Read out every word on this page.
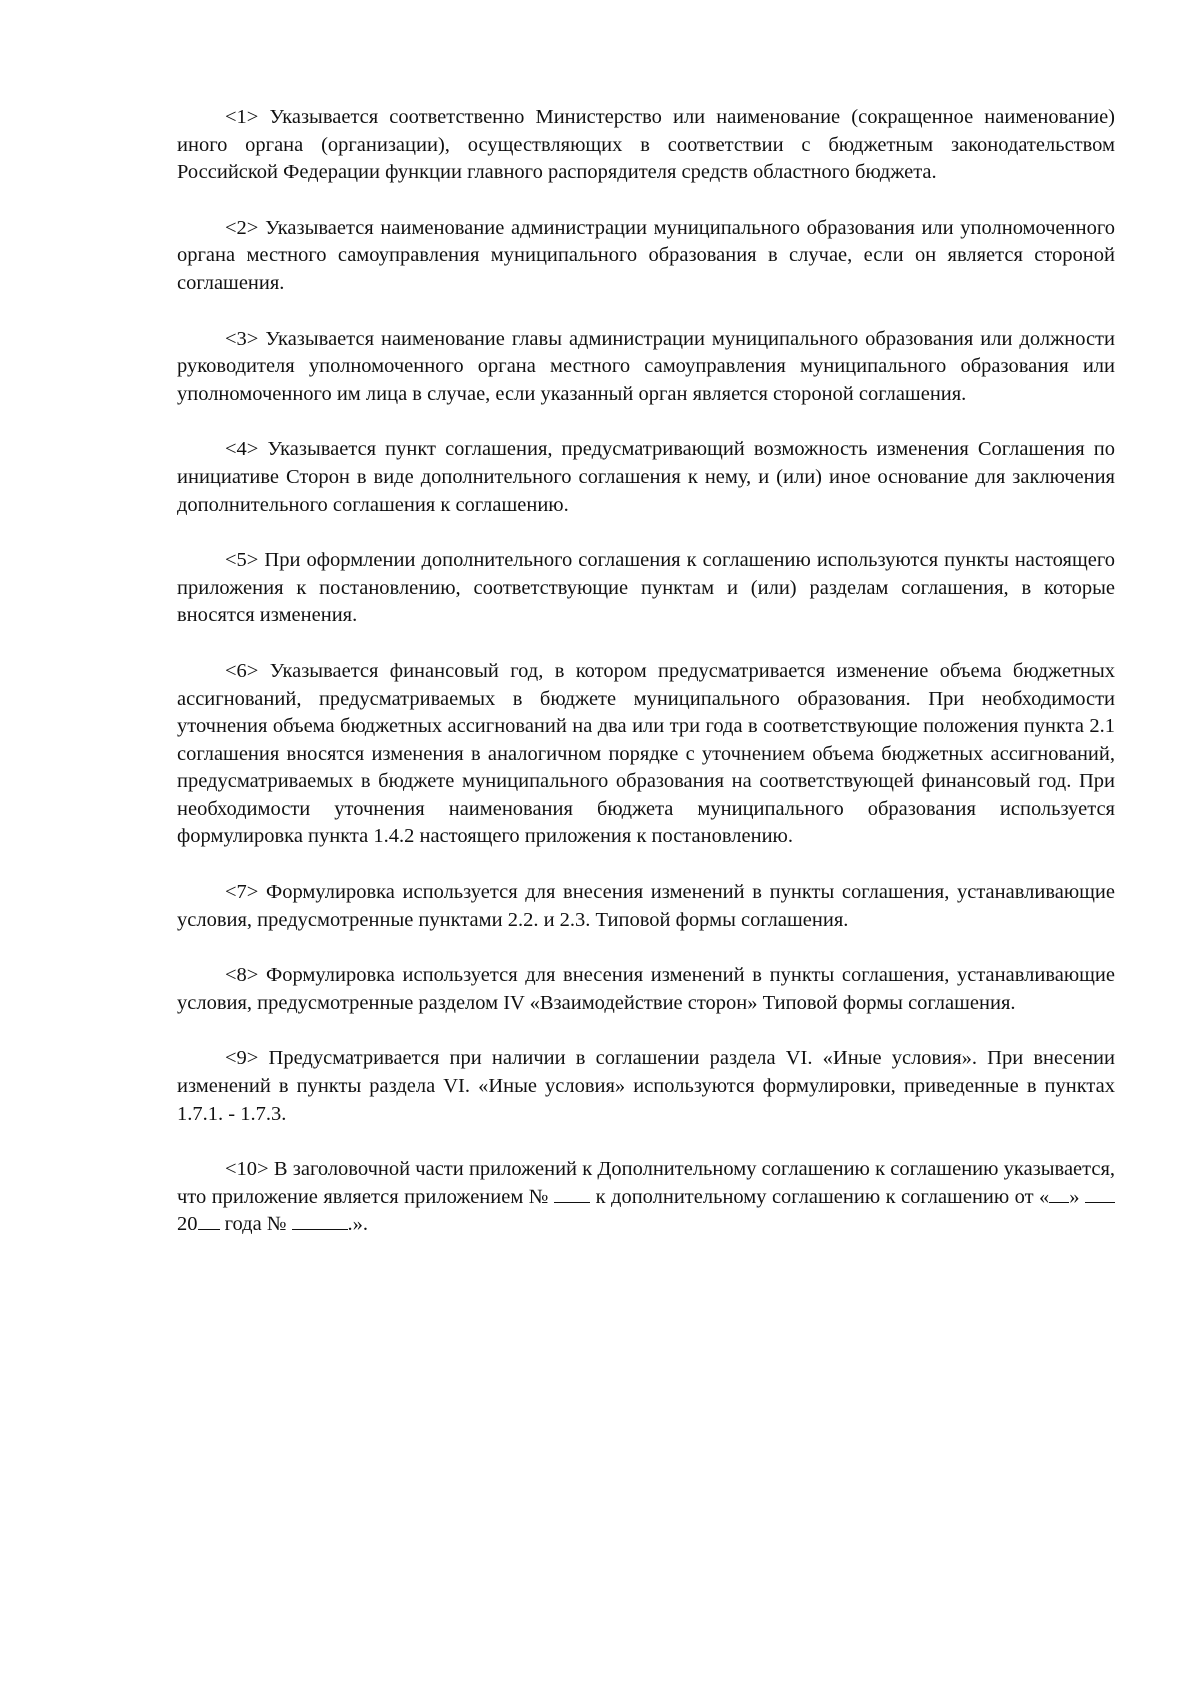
<1> Указывается соответственно Министерство или наименование (сокращенное наименование) иного органа (организации), осуществляющих в соответствии с бюджетным законодательством Российской Федерации функции главного распорядителя средств областного бюджета.

<2> Указывается наименование администрации муниципального образования или уполномоченного органа местного самоуправления муниципального образования в случае, если он является стороной соглашения.

<3> Указывается наименование главы администрации муниципального образования или должности руководителя уполномоченного органа местного самоуправления муниципального образования или уполномоченного им лица в случае, если указанный орган является стороной соглашения.

<4> Указывается пункт соглашения, предусматривающий возможность изменения Соглашения по инициативе Сторон в виде дополнительного соглашения к нему, и (или) иное основание для заключения дополнительного соглашения к соглашению.

<5> При оформлении дополнительного соглашения к соглашению используются пункты настоящего приложения к постановлению, соответствующие пунктам и (или) разделам соглашения, в которые вносятся изменения.

<6> Указывается финансовый год, в котором предусматривается изменение объема бюджетных ассигнований, предусматриваемых в бюджете муниципального образования. При необходимости уточнения объема бюджетных ассигнований на два или три года в соответствующие положения пункта 2.1 соглашения вносятся изменения в аналогичном порядке с уточнением объема бюджетных ассигнований, предусматриваемых в бюджете муниципального образования на соответствующей финансовый год. При необходимости уточнения наименования бюджета муниципального образования используется формулировка пункта 1.4.2 настоящего приложения к постановлению.

<7> Формулировка используется для внесения изменений в пункты соглашения, устанавливающие условия, предусмотренные пунктами 2.2. и 2.3. Типовой формы соглашения.

<8> Формулировка используется для внесения изменений в пункты соглашения, устанавливающие условия, предусмотренные разделом IV «Взаимодействие сторон» Типовой формы соглашения.

<9> Предусматривается при наличии в соглашении раздела VI. «Иные условия». При внесении изменений в пункты раздела VI. «Иные условия» используются формулировки, приведенные в пунктах 1.7.1. - 1.7.3.

<10> В заголовочной части приложений к Дополнительному соглашению к соглашению указывается, что приложение является приложением № к дополнительному соглашению к соглашению от « »  20 года №	.».
